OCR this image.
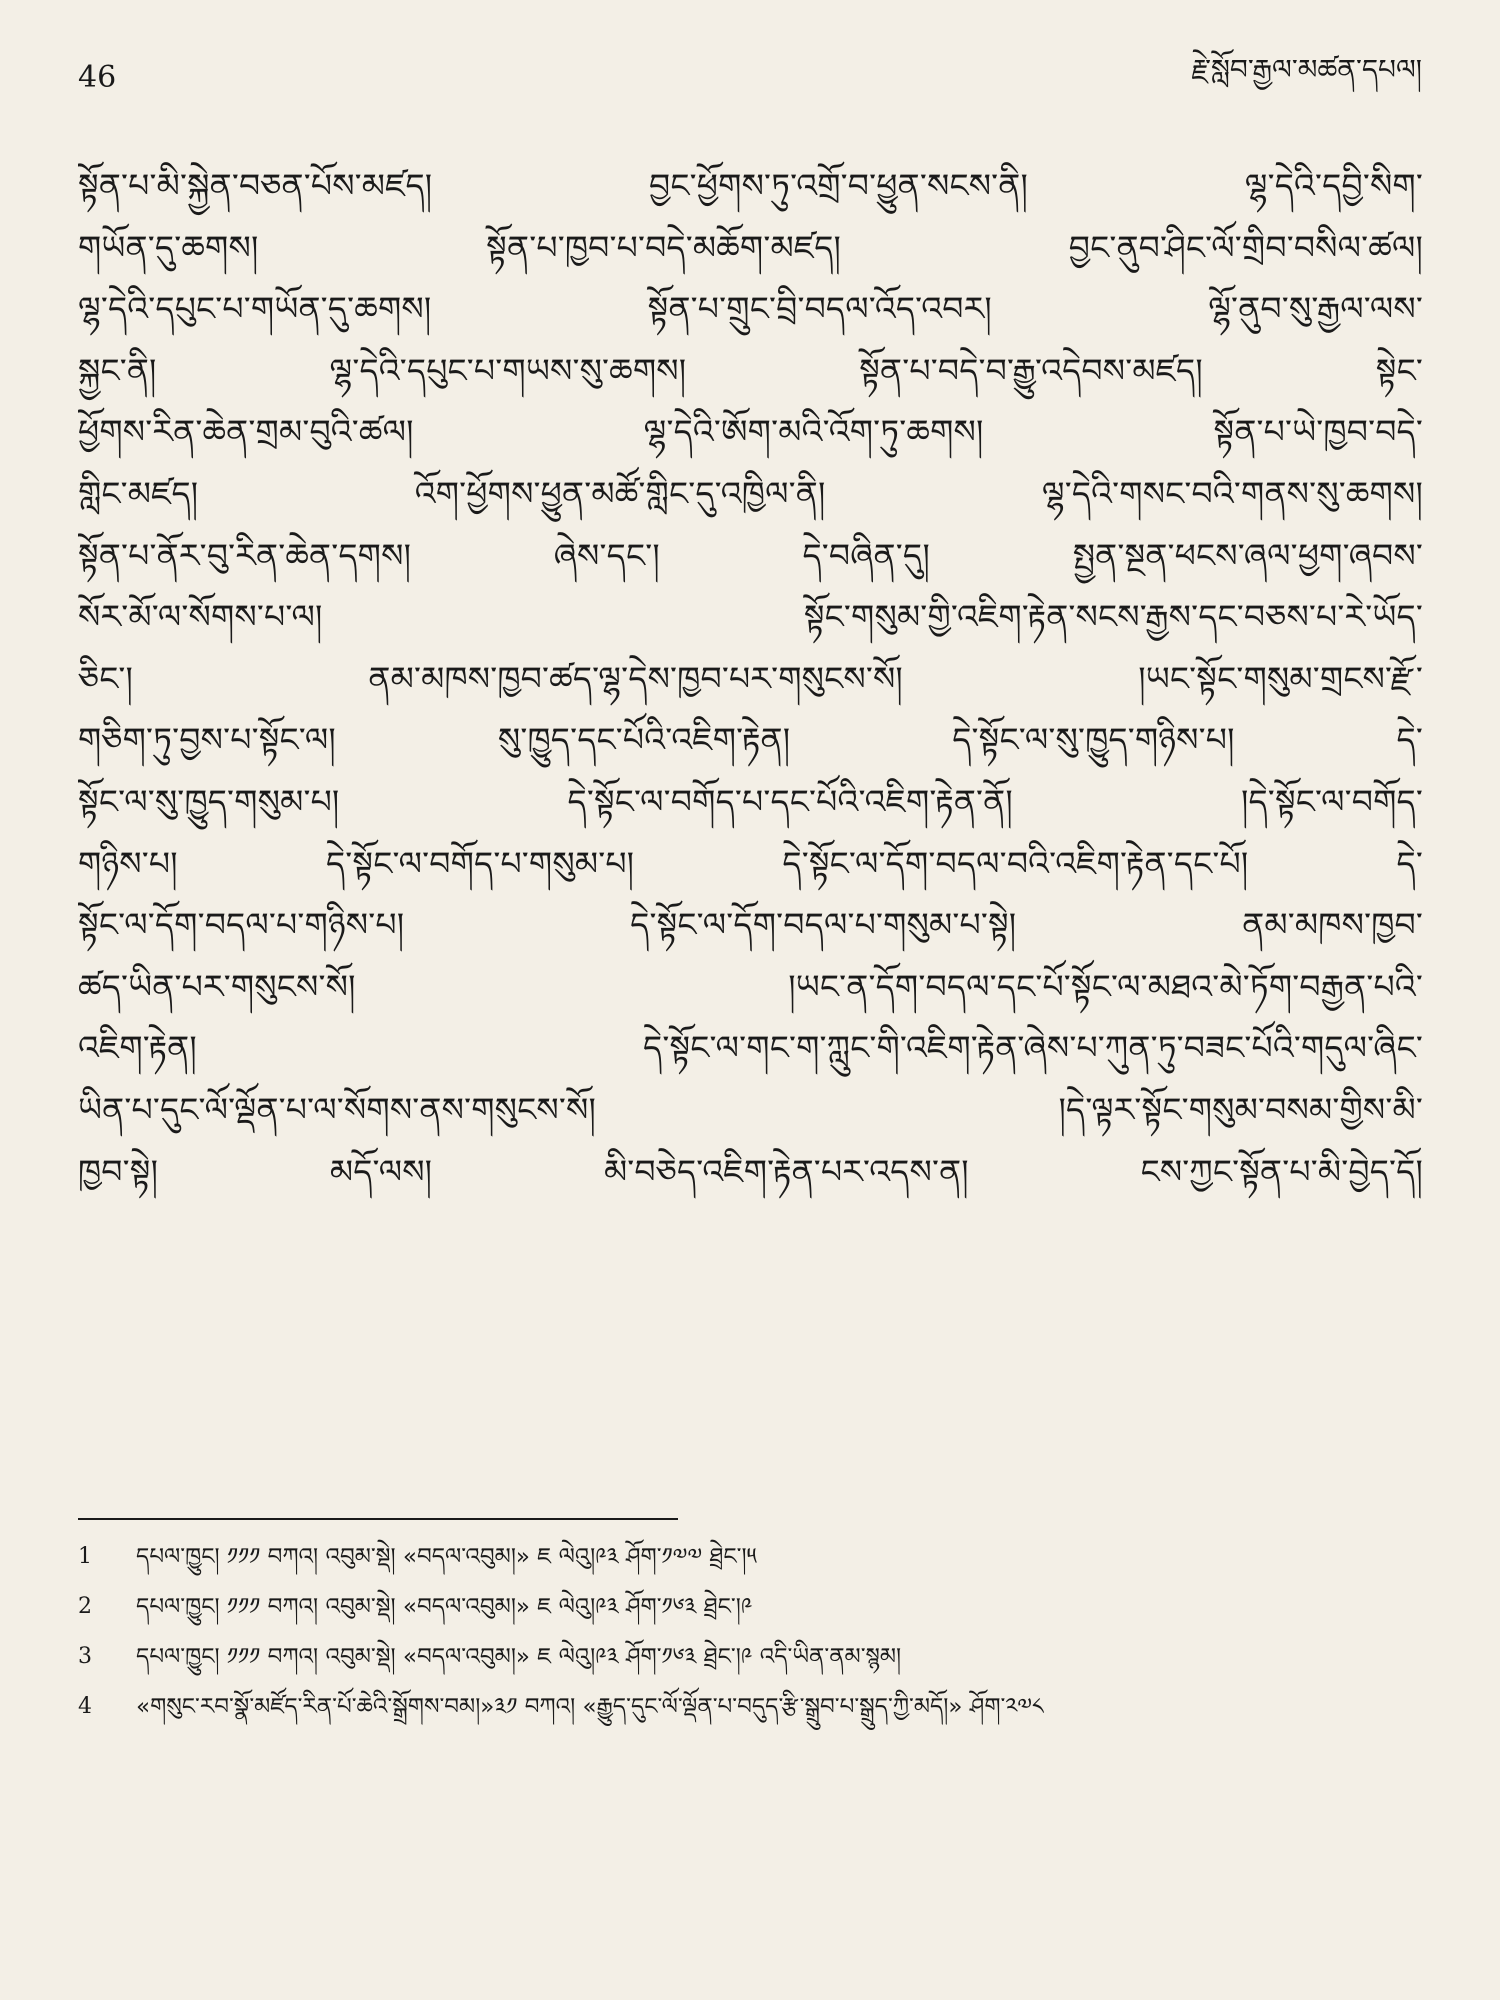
46	རྗེ་སློབ་རྒྱལ་མཚན་དཔལ།
སྟོན་པ་མི་སྐྱེན་བཅན་པོས་མཛད། བྱང་ཕྱོགས་ཏུ་འགྲོ་བ་ཕྱུན་སངས་ནི། ལྷ་དེའི་དབྱི་སིག་
གཡོན་དུ་ཆགས། སྟོན་པ་ཁྱབ་པ་བདེ་མཆོག་མཛད། བྱང་ནུབ་ཤིང་ལོ་གྲིབ་བསིལ་ཚལ།
ལྷ་དེའི་དཔུང་པ་གཡོན་དུ་ཆགས། སྟོན་པ་གྲུང་བྲི་བདལ་འོད་འབར། ལྷོ་ནུབ་སུ་རྒྱལ་ལས་
སྐྱང་ནི། ལྷ་དེའི་དཔུང་པ་གཡས་སུ་ཆགས། སྟོན་པ་བདེ་བ་རྒྱུ་འདེབས་མཛད། སྟེང་
ཕྱོགས་རིན་ཆེན་གྲམ་བུའི་ཚལ། ལྷ་དེའི་ཨོག་མའི་འོག་ཏུ་ཆགས། སྟོན་པ་ཡེ་ཁྱབ་བདེ་
གླིང་མཛད། འོག་ཕྱོགས་ཕྱུན་མཚོ་གླིང་དུ་འཁྱིལ་ནི། ལྷ་དེའི་གསང་བའི་གནས་སུ་ཆགས།
སྟོན་པ་ནོར་བུ་རིན་ཆེན་དགས། ཞེས་དང་། དེ་བཞིན་དུ། སྤྱན་སྔན་ཕངས་ཞལ་ཕྱག་ཞབས་
སོར་མོ་ལ་སོགས་པ་ལ། སྟོང་གསུམ་གྱི་འཇིག་རྟེན་སངས་རྒྱས་དང་བཅས་པ་རེ་ཡོད་
ཅིང་། ནམ་མཁས་ཁྱབ་ཚད་ལྷ་དེས་ཁྱབ་པར་གསུངས་སོ། །ཡང་སྟོང་གསུམ་གྲངས་རྫོ་
གཅིག་ཏུ་བྱས་པ་སྟོང་ལ། སུ་ཁྱུད་དང་པོའི་འཇིག་རྟེན། དེ་སྟོང་ལ་སུ་ཁྱུད་གཉིས་པ། དེ་
སྟོང་ལ་སུ་ཁྱུད་གསུམ་པ། དེ་སྟོང་ལ་བགོད་པ་དང་པོའི་འཇིག་རྟེན་ནོ། །དེ་སྟོང་ལ་བགོད་
གཉིས་པ། དེ་སྟོང་ལ་བགོད་པ་གསུམ་པ། དེ་སྟོང་ལ་དོག་བདལ་བའི་འཇིག་རྟེན་དང་པོ། དེ་
སྟོང་ལ་དོག་བདལ་པ་གཉིས་པ། དེ་སྟོང་ལ་དོག་བདལ་པ་གསུམ་པ་སྟེ། ནམ་མཁས་ཁྱབ་
ཚད་ཡིན་པར་གསུངས་སོ། །ཡང་ན་དོག་བདལ་དང་པོ་སྟོང་ལ་མཐའ་མེ་ཏོག་བརྒྱན་པའི་
འཇིག་རྟེན། དེ་སྟོང་ལ་གང་ག་ཀླུང་གི་འཇིག་རྟེན་ཞེས་པ་ཀུན་ཏུ་བཟང་པོའི་གདུལ་ཞིང་
ཡིན་པ་དུང་ལོ་ལྡོན་པ་ལ་སོགས་ནས་གསུངས་སོ། །དེ་ལྟར་སྟོང་གསུམ་བསམ་གྱིས་མི་
ཁྱབ་སྟེ། མདོ་ལས། མི་བཅེད་འཇིག་རྟེན་པར་འདས་ན། ངས་ཀྱང་སྟོན་པ་མི་བྱེད་དོ།
1	དཔལ་ཁྱུང། ༡༡༡ བཀའ། འབུམ་སྡེ། «བདལ་འབུམ།» ཇ ལེའུ།༩༣ ཤོག་༡༧༧ ཐྲེང་།༥
2	དཔལ་ཁྱུང། ༡༡༡ བཀའ། འབུམ་སྡེ། «བདལ་འབུམ།» ཇ ལེའུ།༩༣ ཤོག་༡༦༣ ཐྲེང་།༩
3	དཔལ་ཁྱུང། ༡༡༡ བཀའ། འབུམ་སྡེ། «བདལ་འབུམ།» ཇ ལེའུ།༩༣ ཤོག་༡༦༣ ཐྲེང་།༩ འདི་ཡིན་ནམ་སྙམ།
4	«གསུང་རབ་སྣོ་མཛོད་རིན་པོ་ཆེའི་སྒྲོགས་བམ།»༣༡ བཀའ། «རྒྱུད་དུང་ལོ་ལྡོན་པ་བདུད་རྩི་སྒྲུབ་པ་སྒྲུད་ཀྱི་མདོ།» ཤོག་༢༧༨
